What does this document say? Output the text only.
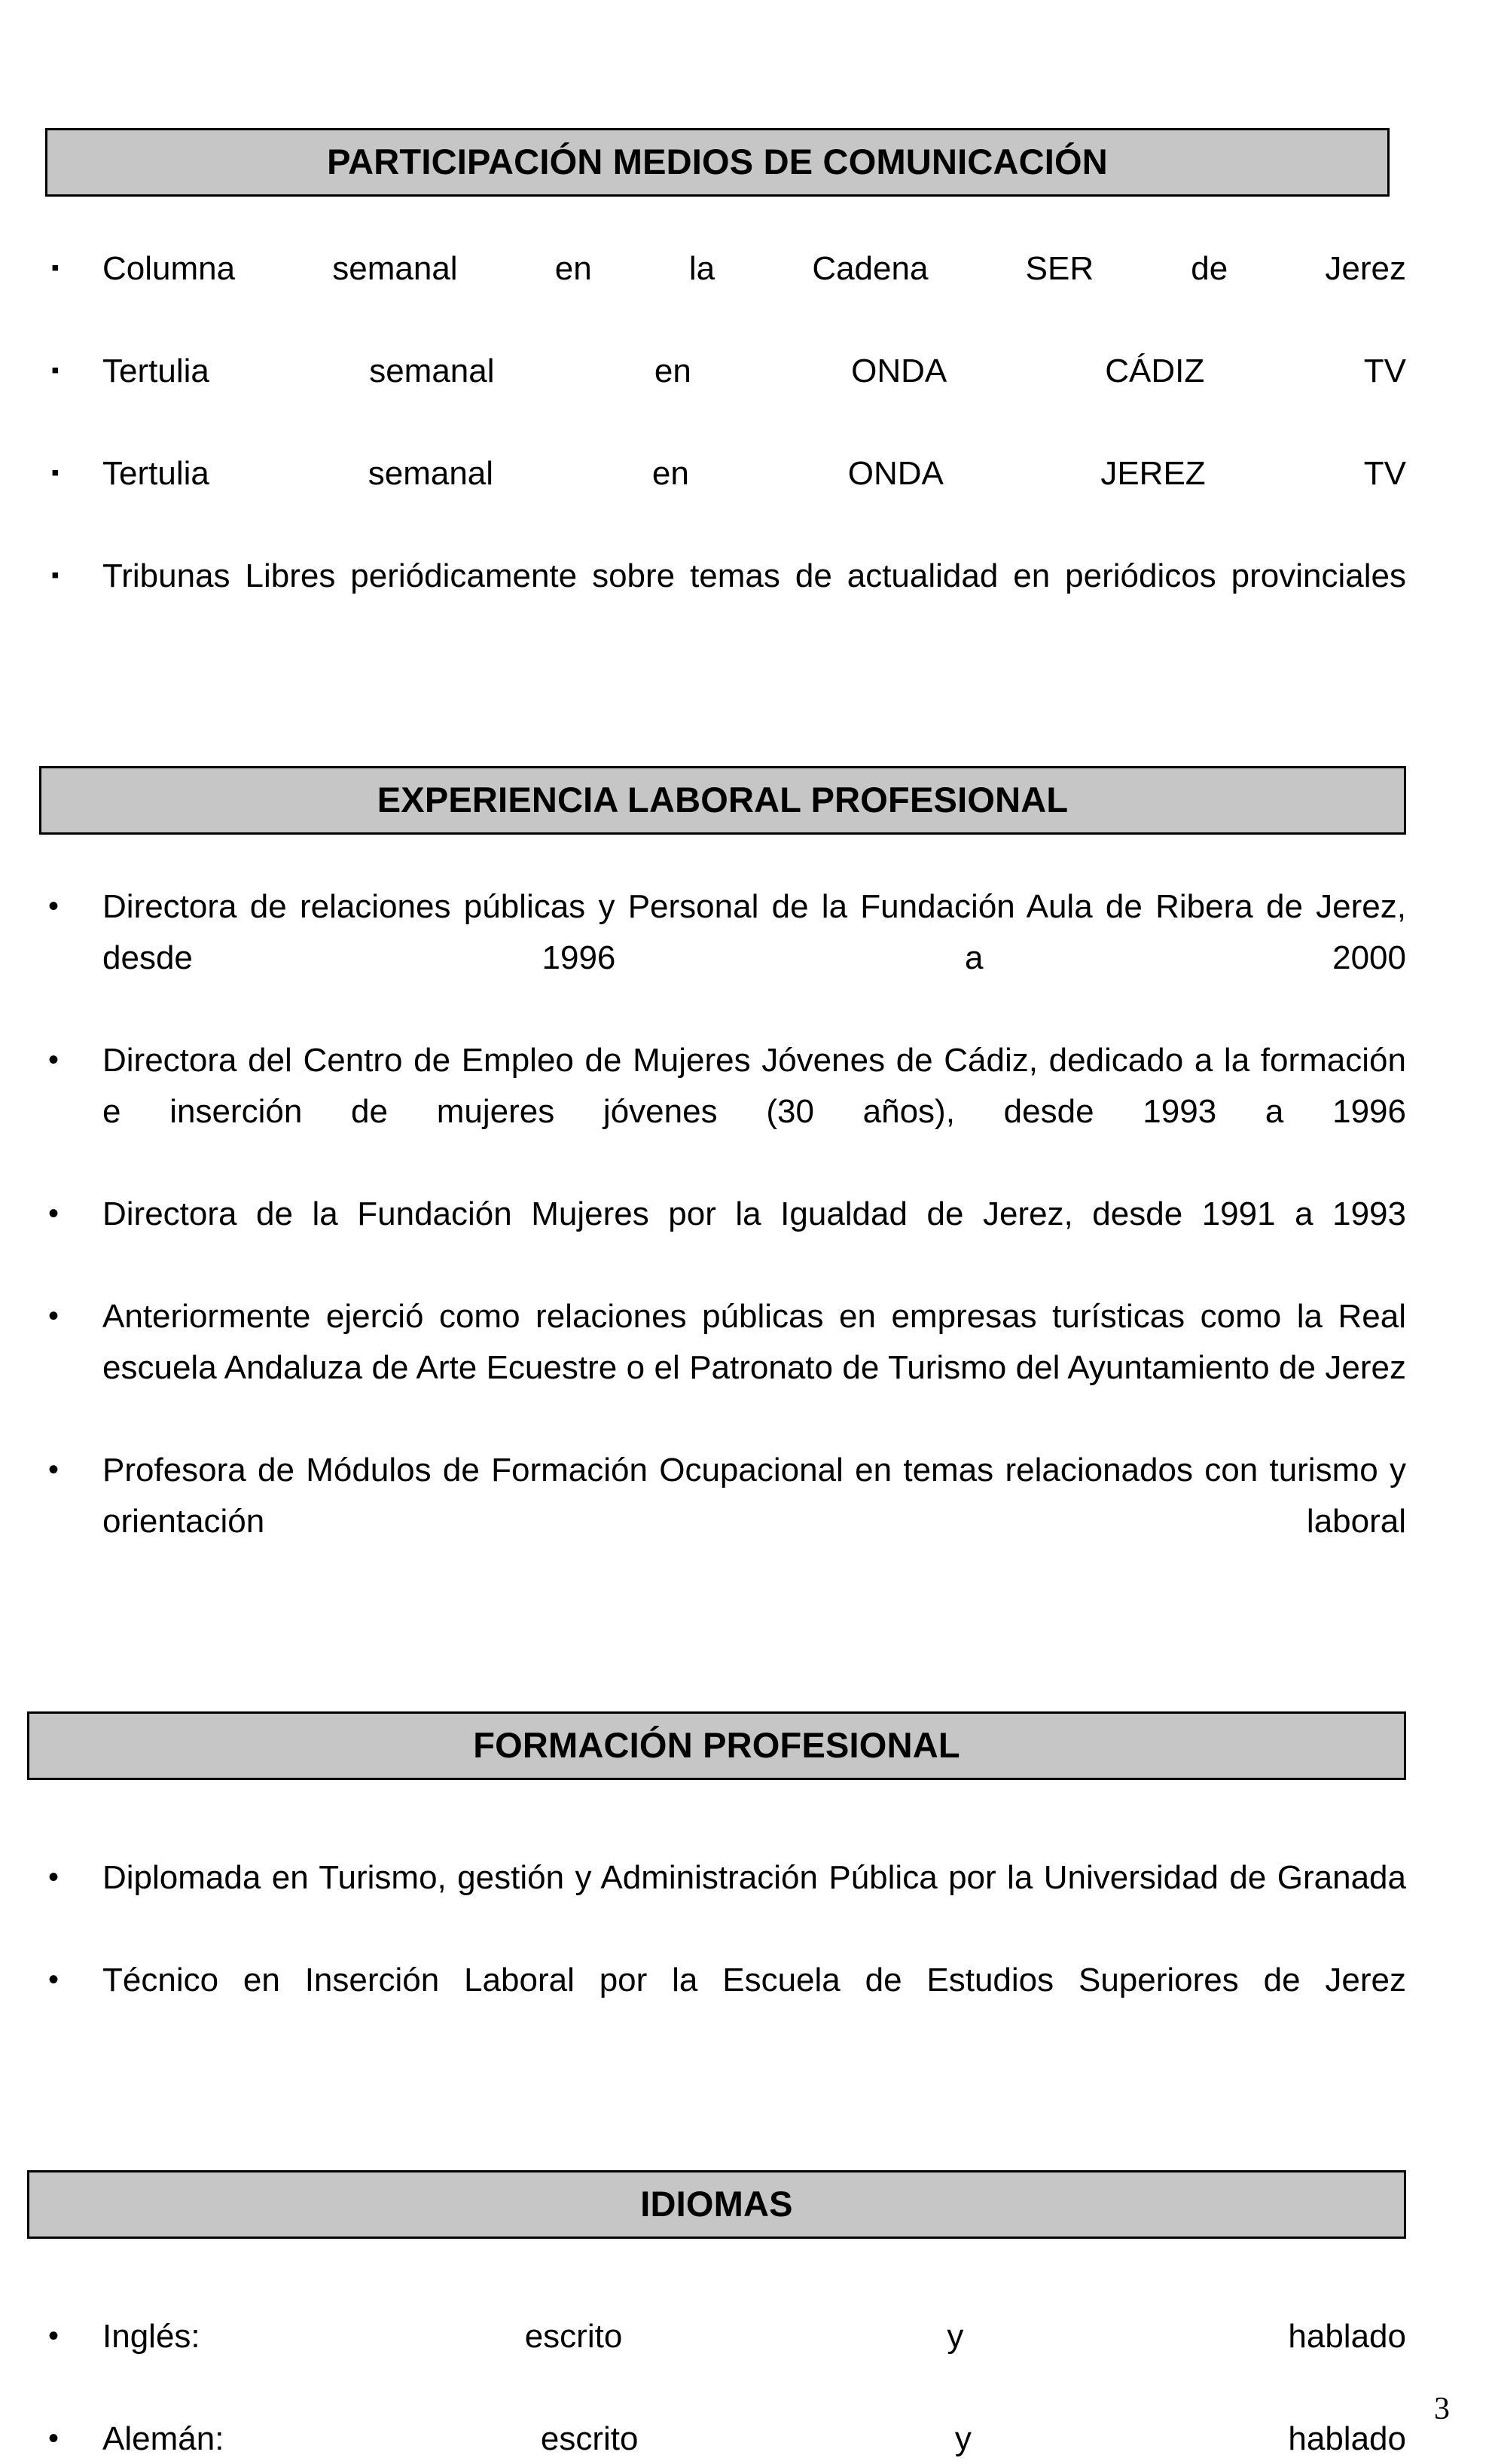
PARTICIPACIÓN MEDIOS DE COMUNICACIÓN
▪	Columna semanal en la Cadena SER de Jerez
▪	Tertulia semanal en ONDA CÁDIZ TV
▪	Tertulia semanal en ONDA JEREZ TV
▪	Tribunas Libres periódicamente sobre temas de actualidad en periódicos provinciales
EXPERIENCIA LABORAL PROFESIONAL
•	Directora de relaciones públicas y Personal de la Fundación Aula de Ribera de Jerez, desde 1996 a 2000
•	Directora del Centro de Empleo de Mujeres Jóvenes de Cádiz, dedicado a la formación e inserción de mujeres jóvenes (30 años), desde 1993 a 1996
•	Directora de la Fundación Mujeres por la Igualdad de Jerez, desde 1991 a 1993
•	Anteriormente ejerció como relaciones públicas en empresas turísticas como la Real escuela Andaluza de Arte Ecuestre o el Patronato de Turismo del Ayuntamiento de Jerez
•	Profesora de Módulos de Formación Ocupacional en temas relacionados con turismo y orientación laboral
FORMACIÓN PROFESIONAL
•	Diplomada en Turismo, gestión y Administración Pública por la Universidad de Granada
•	Técnico en Inserción Laboral por la Escuela de Estudios Superiores de Jerez
IDIOMAS
•	Inglés: escrito y hablado
•	Alemán: escrito y hablado
3
